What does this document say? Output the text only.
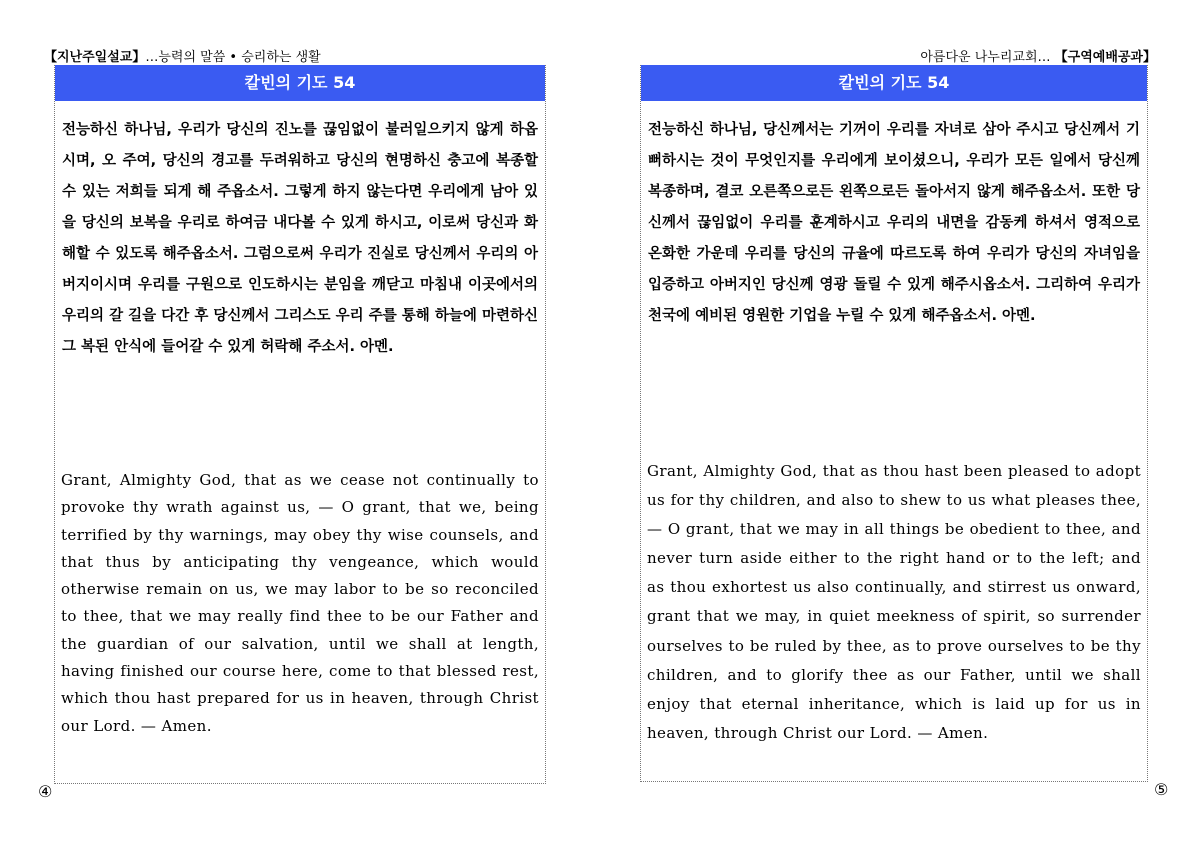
【지난주일설교】…능력의 말씀 • 승리하는 생활	아름다운 나누리교회… 【구역예배공과】
칼빈의 기도 54

전능하신 하나님, 우리가 당신의 진노를 끊임없이 불러일으키지 않게 하옵시며, 오 주여, 당신의 경고를 두려워하고 당신의 현명하신 충고에 복종할 수 있는 저희들 되게 해 주옵소서. 그렇게 하지 않는다면 우리에게 남아 있을 당신의 보복을 우리로 하여금 내다볼 수 있게 하시고, 이로써 당신과 화해할 수 있도록 해주옵소서. 그럼으로써 우리가 진실로 당신께서 우리의 아버지이시며 우리를 구원으로 인도하시는 분임을 깨닫고 마침내 이곳에서의 우리의 갈 길을 다간 후 당신께서 그리스도 우리 주를 통해 하늘에 마련하신 그 복된 안식에 들어갈 수 있게 허락해 주소서. 아멘.

Grant, Almighty God, that as we cease not continually to provoke thy wrath against us, — O grant, that we, being terrified by thy warnings, may obey thy wise counsels, and that thus by anticipating thy vengeance, which would otherwise remain on us, we may labor to be so reconciled to thee, that we may really find thee to be our Father and the guardian of our salvation, until we shall at length, having finished our course here, come to that blessed rest, which thou hast prepared for us in heaven, through Christ our Lord. — Amen.

칼빈의 기도 54

전능하신 하나님, 당신께서는 기꺼이 우리를 자녀로 삼아 주시고 당신께서 기뻐하시는 것이 무엇인지를 우리에게 보이셨으니, 우리가 모든 일에서 당신께 복종하며, 결코 오른쪽으로든 왼쪽으로든 돌아서지 않게 해주옵소서. 또한 당신께서 끊임없이 우리를 훈계하시고 우리의 내면을 감동케 하셔서 영적으로 온화한 가운데 우리를 당신의 규율에 따르도록 하여 우리가 당신의 자녀임을 입증하고 아버지인 당신께 영광 돌릴 수 있게 해주시옵소서. 그리하여 우리가 천국에 예비된 영원한 기업을 누릴 수 있게 해주옵소서. 아멘.

Grant, Almighty God, that as thou hast been pleased to adopt us for thy children, and also to shew to us what pleases thee, — O grant, that we may in all things be obedient to thee, and never turn aside either to the right hand or to the left; and as thou exhortest us also continually, and stirrest us onward, grant that we may, in quiet meekness of spirit, so surrender ourselves to be ruled by thee, as to prove ourselves to be thy children, and to glorify thee as our Father, until we shall enjoy that eternal inheritance, which is laid up for us in heaven, through Christ our Lord. — Amen.

④	⑤
